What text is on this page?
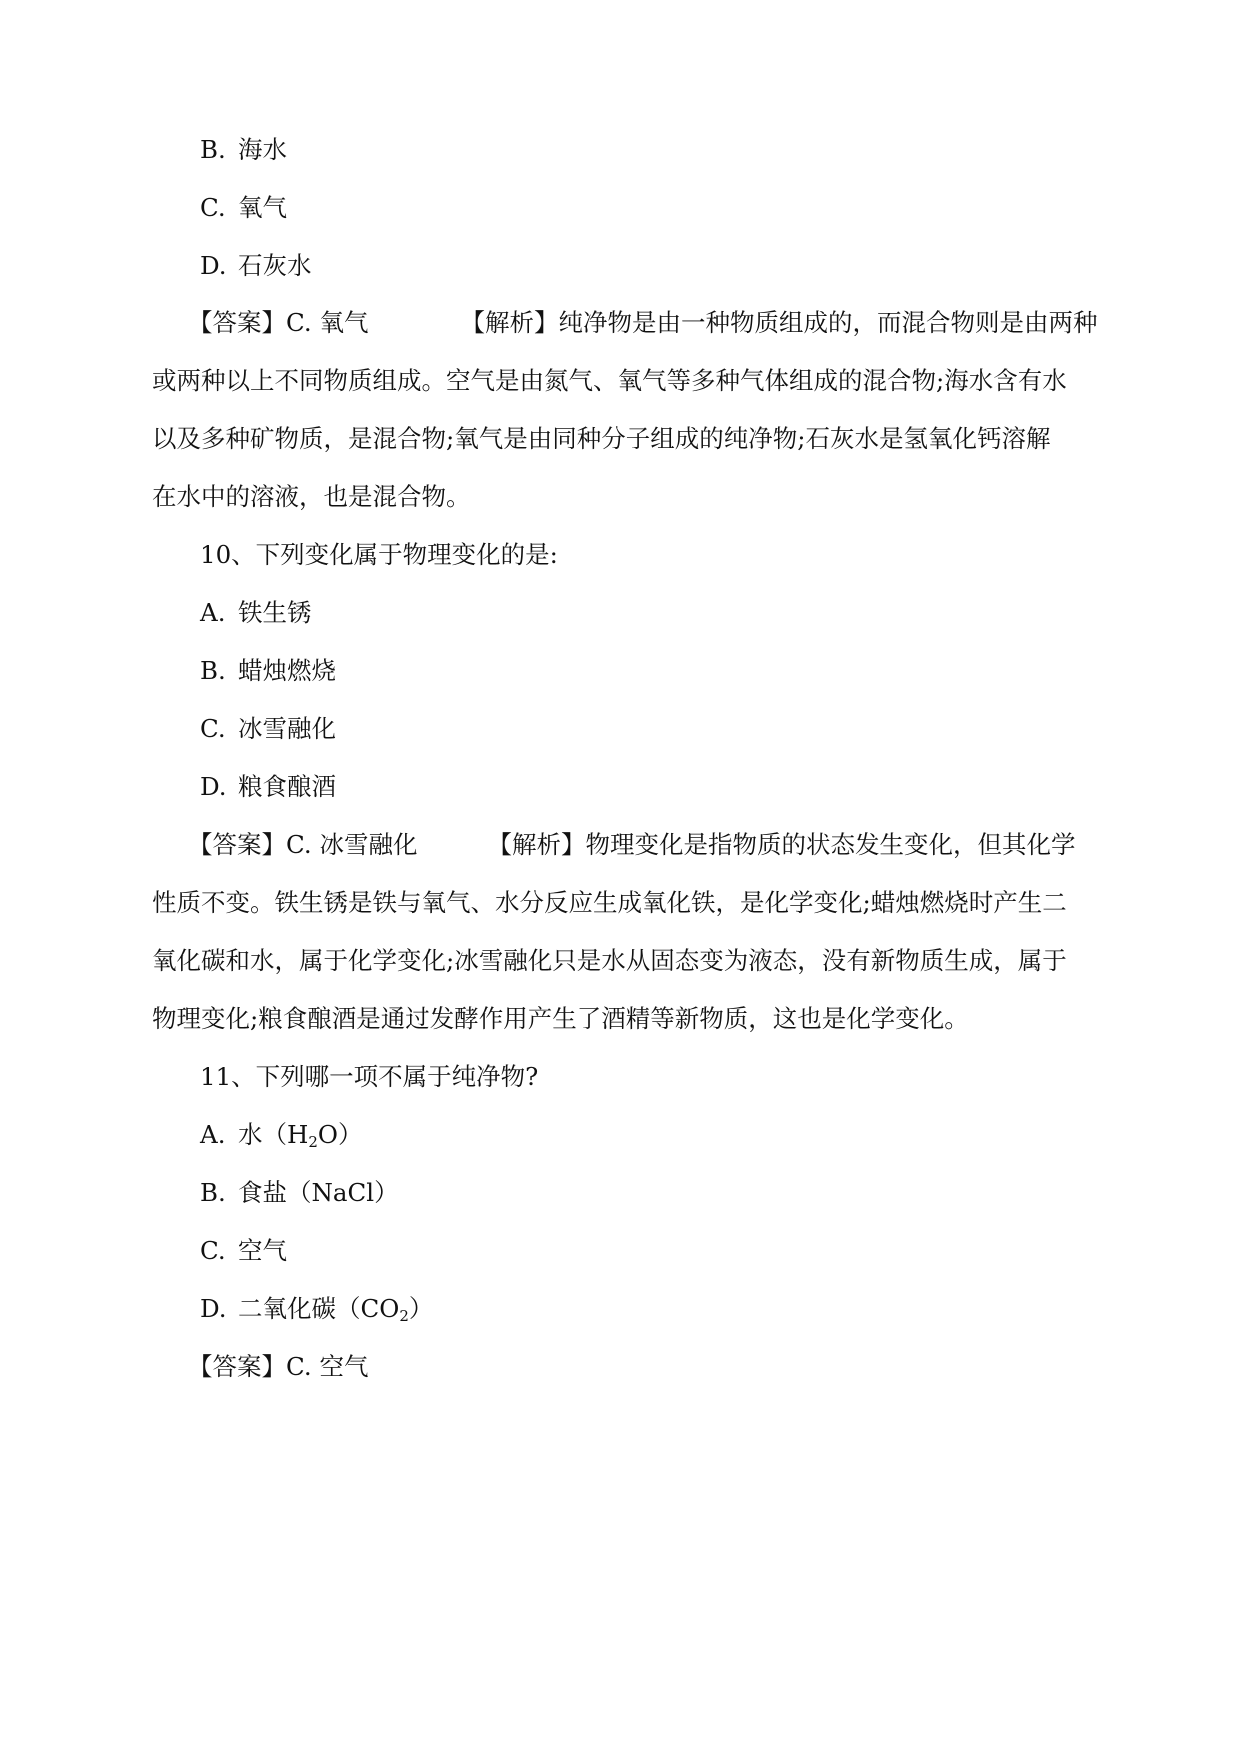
B. 海水
C. 氧气
D. 石灰水
【答案】C. 氧气	【解析】纯净物是由一种物质组成的，而混合物则是由两种
或两种以上不同物质组成。空气是由氮气、氧气等多种气体组成的混合物;海水含有水
以及多种矿物质，是混合物;氧气是由同种分子组成的纯净物;石灰水是氢氧化钙溶解
在水中的溶液，也是混合物。
10、下列变化属于物理变化的是:
A. 铁生锈
B. 蜡烛燃烧
C. 冰雪融化
D. 粮食酿酒
【答案】C. 冰雪融化	【解析】物理变化是指物质的状态发生变化，但其化学
性质不变。铁生锈是铁与氧气、水分反应生成氧化铁，是化学变化;蜡烛燃烧时产生二
氧化碳和水，属于化学变化;冰雪融化只是水从固态变为液态，没有新物质生成，属于
物理变化;粮食酿酒是通过发酵作用产生了酒精等新物质，这也是化学变化。
11、下列哪一项不属于纯净物?
A. 水$(H_2O)$
B. 食盐（NaCl）
C. 空气
D. 二氧化碳$(CO_2)$
【答案】C. 空气
